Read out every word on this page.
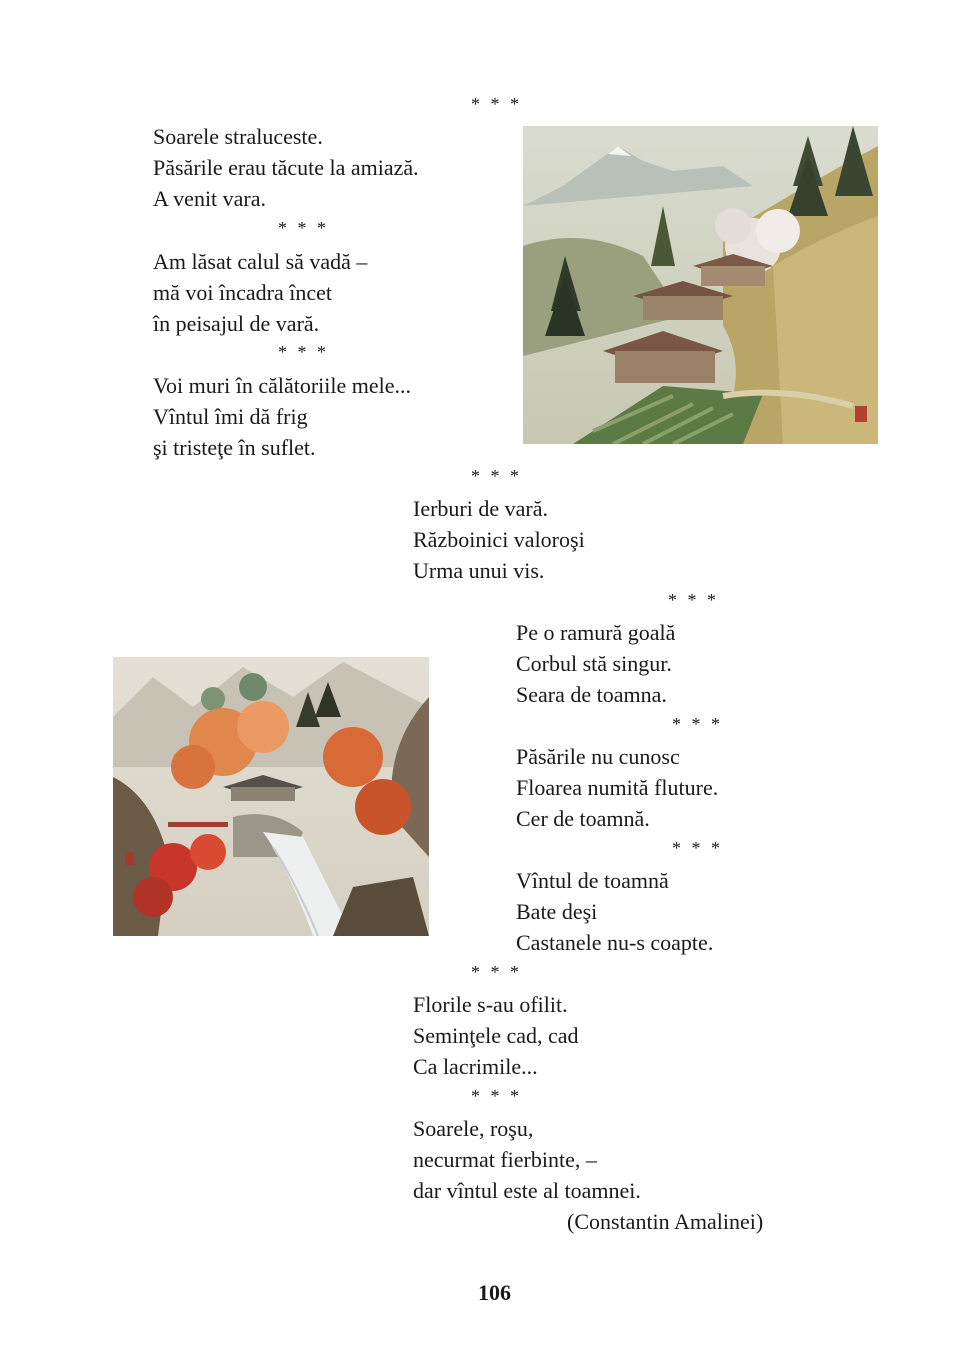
* * *
* * *
* * *
* * *
* * *
* * *
* * *
* * *
* * *
Soarele straluceste.
Păsările erau tăcute la amiază.
A venit vara.
Am lăsat calul să vadă –
mă voi încadra încet
în peisajul de vară.
Voi muri în călătoriile mele...
Vîntul îmi dă frig
şi tristeţe în suflet.
Ierburi de vară.
Războinici valoroşi
Urma unui vis.
Pe o ramură goală
Corbul stă singur.
Seara de toamna.
Păsările nu cunosc
Floarea numită fluture.
Cer de toamnă.
Vîntul de toamnă
Bate deşi
Castanele nu-s coapte.
Florile s-au ofilit.
Seminţele cad, cad
Ca lacrimile...
Soarele, roşu,
necurmat fierbinte, –
dar vîntul este al toamnei.
(Constantin Amalinei)
106
